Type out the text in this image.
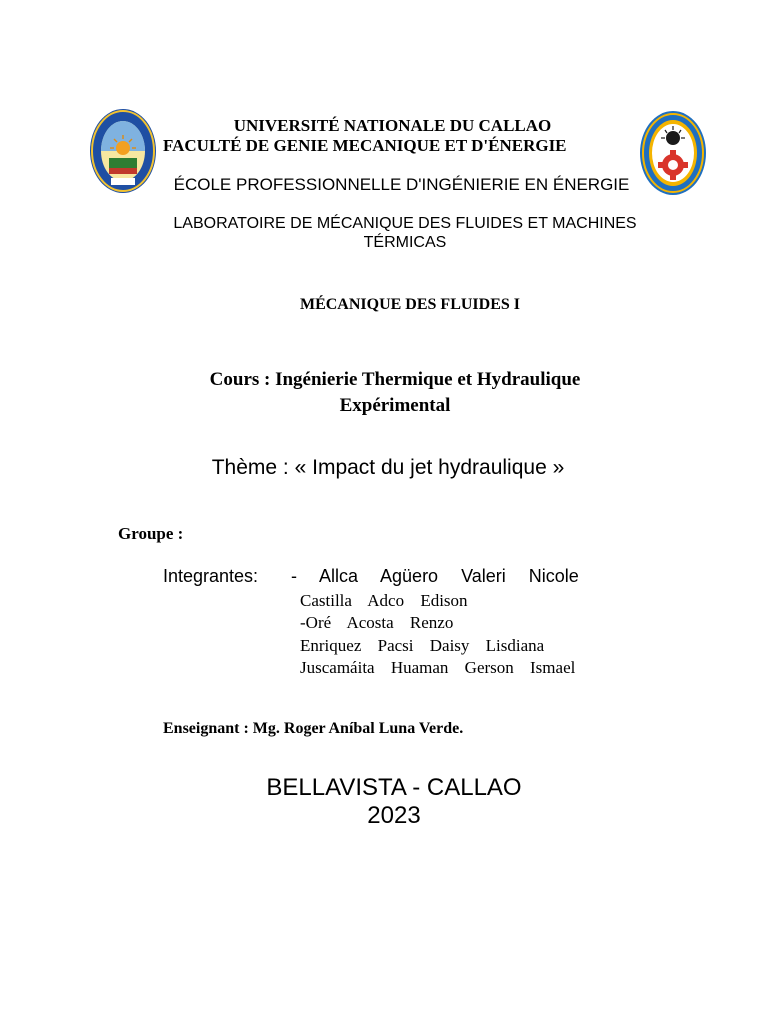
UNIVERSITÉ NATIONALE DU CALLAO
FACULTÉ DE GENIE MECANIQUE ET D'ÉNERGIE
ÉCOLE PROFESSIONNELLE D'INGÉNIERIE EN ÉNERGIE
LABORATOIRE DE MÉCANIQUE DES FLUIDES ET MACHINES
TÉRMICAS
MÉCANIQUE DES FLUIDES I
Cours : Ingénierie Thermique et Hydraulique
Expérimental
Thème : « Impact du jet hydraulique »
Groupe :
Integrantes: - Allca Agüero Valeri Nicole
Castilla Adco Edison
-Oré Acosta Renzo
Enriquez Pacsi Daisy Lisdiana
Juscamáita Huaman Gerson Ismael
Enseignant : Mg. Roger Aníbal Luna Verde.
BELLAVISTA - CALLAO
2023
